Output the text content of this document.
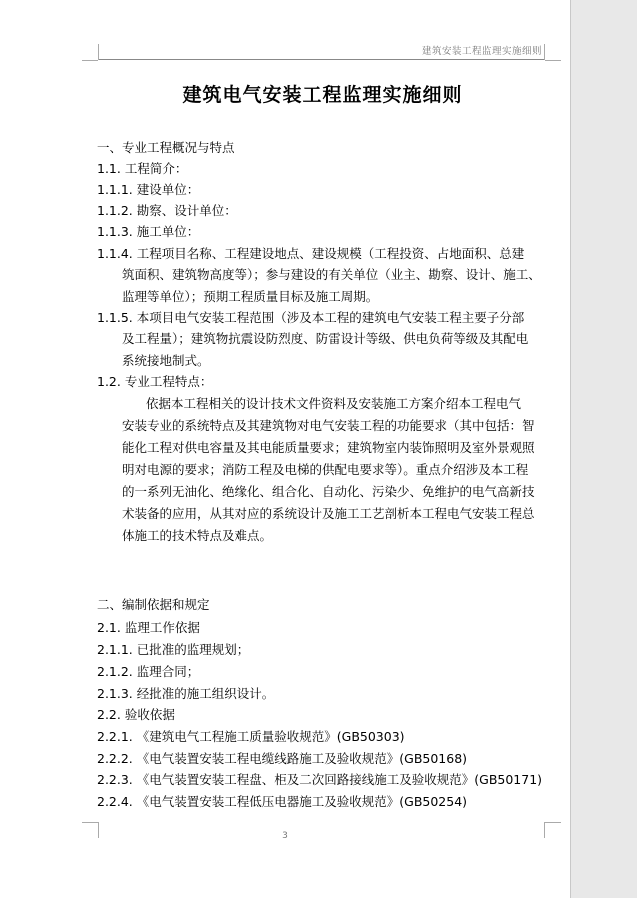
建筑安装工程监理实施细则
建筑电气安装工程监理实施细则
一、专业工程概况与特点
1.1. 工程简介：
1.1.1. 建设单位：
1.1.2. 勘察、设计单位：
1.1.3. 施工单位：
1.1.4. 工程项目名称、工程建设地点、建设规模（工程投资、占地面积、总建
筑面积、建筑物高度等）；参与建设的有关单位（业主、勘察、设计、施工、
监理等单位）；预期工程质量目标及施工周期。
1.1.5. 本项目电气安装工程范围（涉及本工程的建筑电气安装工程主要子分部
及工程量）；建筑物抗震设防烈度、防雷设计等级、供电负荷等级及其配电
系统接地制式。
1.2. 专业工程特点：
依据本工程相关的设计技术文件资料及安装施工方案介绍本工程电气
安装专业的系统特点及其建筑物对电气安装工程的功能要求（其中包括：智
能化工程对供电容量及其电能质量要求；建筑物室内装饰照明及室外景观照
明对电源的要求；消防工程及电梯的供配电要求等）。重点介绍涉及本工程
的一系列无油化、绝缘化、组合化、自动化、污染少、免维护的电气高新技
术装备的应用，从其对应的系统设计及施工工艺剖析本工程电气安装工程总
体施工的技术特点及难点。
二、编制依据和规定
2.1. 监理工作依据
2.1.1. 已批准的监理规划；
2.1.2. 监理合同；
2.1.3. 经批准的施工组织设计。
2.2. 验收依据
2.2.1. 《建筑电气工程施工质量验收规范》(GB50303)
2.2.2. 《电气装置安装工程电缆线路施工及验收规范》(GB50168)
2.2.3. 《电气装置安装工程盘、柜及二次回路接线施工及验收规范》(GB50171)
2.2.4. 《电气装置安装工程低压电器施工及验收规范》(GB50254)
3
